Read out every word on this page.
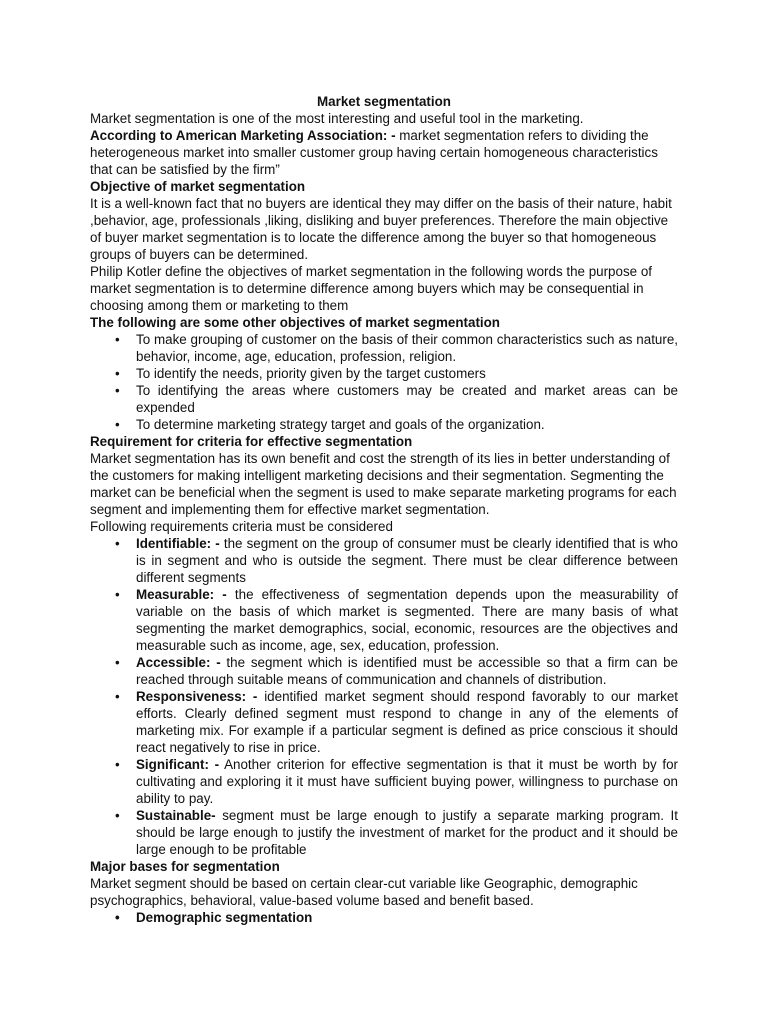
Market segmentation

Market segmentation is one of the most interesting and useful tool in the marketing.

According to American Marketing Association: - market segmentation refers to dividing the heterogeneous market into smaller customer group having certain homogeneous characteristics that can be satisfied by the firm”

Objective of market segmentation

It is a well-known fact that no buyers are identical they may differ on the basis of their nature, habit ,behavior, age, professionals ,liking, disliking and buyer preferences. Therefore the main objective of buyer market segmentation is to locate the difference among the buyer so that homogeneous groups of buyers can be determined.

Philip Kotler define the objectives of market segmentation in the following words the purpose of market segmentation is to determine difference among buyers which may be consequential in choosing among them or marketing to them

The following are some other objectives of market segmentation

• To make grouping of customer on the basis of their common characteristics such as nature, behavior, income, age, education, profession, religion.
• To identify the needs, priority given by the target customers
• To identifying the areas where customers may be created and market areas can be expended
• To determine marketing strategy target and goals of the organization.

Requirement for criteria for effective segmentation

Market segmentation has its own benefit and cost the strength of its lies in better understanding of the customers for making intelligent marketing decisions and their segmentation. Segmenting the market can be beneficial when the segment is used to make separate marketing programs for each segment and implementing them for effective market segmentation.

Following requirements criteria must be considered

• Identifiable: - the segment on the group of consumer must be clearly identified that is who is in segment and who is outside the segment. There must be clear difference between different segments
• Measurable: - the effectiveness of segmentation depends upon the measurability of variable on the basis of which market is segmented. There are many basis of what segmenting the market demographics, social, economic, resources are the objectives and measurable such as income, age, sex, education, profession.
• Accessible: - the segment which is identified must be accessible so that a firm can be reached through suitable means of communication and channels of distribution.
• Responsiveness: - identified market segment should respond favorably to our market efforts. Clearly defined segment must respond to change in any of the elements of marketing mix. For example if a particular segment is defined as price conscious it should react negatively to rise in price.
• Significant: - Another criterion for effective segmentation is that it must be worth by for cultivating and exploring it it must have sufficient buying power, willingness to purchase on ability to pay.
• Sustainable- segment must be large enough to justify a separate marking program. It should be large enough to justify the investment of market for the product and it should be large enough to be profitable

Major bases for segmentation

Market segment should be based on certain clear-cut variable like Geographic, demographic psychographics, behavioral, value-based volume based and benefit based.

• Demographic segmentation
